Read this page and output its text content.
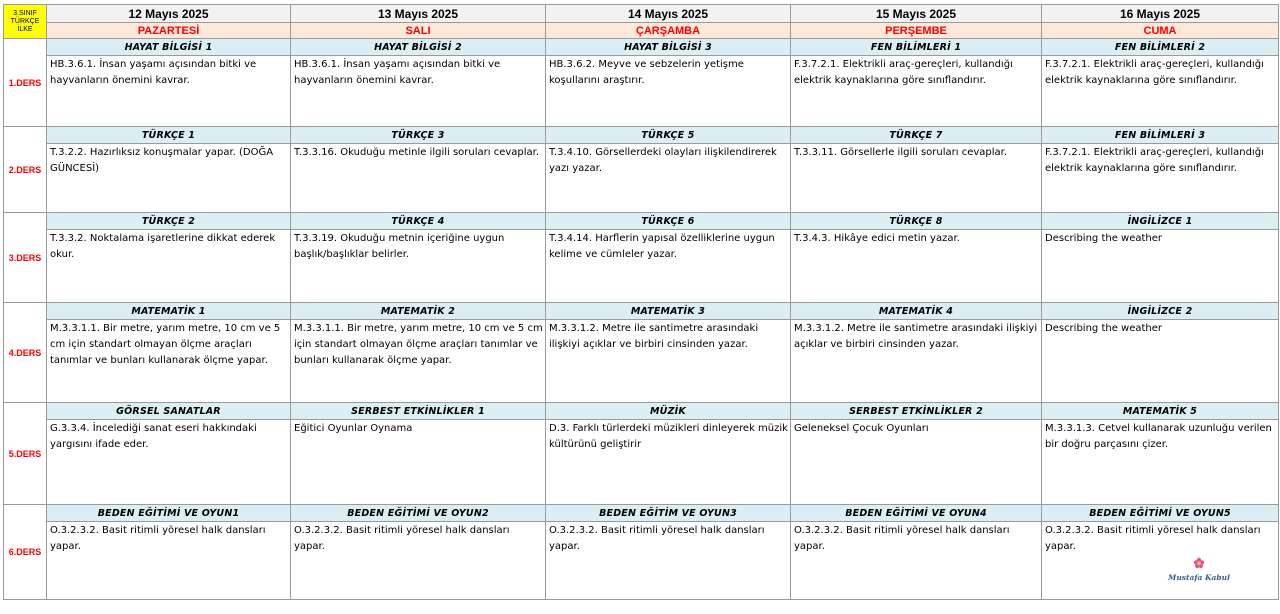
3.SINIF
TÜRKÇE
İLKE	12 Mayıs 2025	13 Mayıs 2025	14 Mayıs 2025	15 Mayıs 2025	16 Mayıs 2025
	PAZARTESİ	SALI	ÇARŞAMBA	PERŞEMBE	CUMA
1.DERS	HAYAT BİLGİSİ 1	HAYAT BİLGİSİ 2	HAYAT BİLGİSİ 3	FEN BİLİMLERİ 1	FEN BİLİMLERİ 2
	HB.3.6.1. İnsan yaşamı açısından bitki ve hayvanların önemini kavrar.	HB.3.6.1. İnsan yaşamı açısından bitki ve hayvanların önemini kavrar.	HB.3.6.2. Meyve ve sebzelerin yetişme koşullarını araştırır.	F.3.7.2.1. Elektrikli araç-gereçleri, kullandığı elektrik kaynaklarına göre sınıflandırır.	F.3.7.2.1. Elektrikli araç-gereçleri, kullandığı elektrik kaynaklarına göre sınıflandırır.
2.DERS	TÜRKÇE 1	TÜRKÇE 3	TÜRKÇE 5	TÜRKÇE 7	FEN BİLİMLERİ 3
	T.3.2.2. Hazırlıksız konuşmalar yapar. (DOĞA GÜNCESİ)	T.3.3.16. Okuduğu metinle ilgili soruları cevaplar.	T.3.4.10. Görsellerdeki olayları ilişkilendirerek yazı yazar.	T.3.3.11. Görsellerle ilgili soruları cevaplar.	F.3.7.2.1. Elektrikli araç-gereçleri, kullandığı elektrik kaynaklarına göre sınıflandırır.
3.DERS	TÜRKÇE 2	TÜRKÇE 4	TÜRKÇE 6	TÜRKÇE 8	İNGİLİZCE 1
	T.3.3.2. Noktalama işaretlerine dikkat ederek okur.	T.3.3.19. Okuduğu metnin içeriğine uygun başlık/başlıklar belirler.	T.3.4.14. Harflerin yapısal özelliklerine uygun kelime ve cümleler yazar.	T.3.4.3. Hikâye edici metin yazar.	Describing the weather
4.DERS	MATEMATİK 1	MATEMATİK 2	MATEMATİK 3	MATEMATİK 4	İNGİLİZCE 2
	M.3.3.1.1. Bir metre, yarım metre, 10 cm ve 5 cm için standart olmayan ölçme araçları tanımlar ve bunları kullanarak ölçme yapar.	M.3.3.1.1. Bir metre, yarım metre, 10 cm ve 5 cm için standart olmayan ölçme araçları tanımlar ve bunları kullanarak ölçme yapar.	M.3.3.1.2. Metre ile santimetre arasındaki ilişkiyi açıklar ve birbiri cinsinden yazar.	M.3.3.1.2. Metre ile santimetre arasındaki ilişkiyi açıklar ve birbiri cinsinden yazar.	Describing the weather
5.DERS	GÖRSEL SANATLAR	SERBEST ETKİNLİKLER 1	MÜZİK	SERBEST ETKİNLİKLER 2	MATEMATİK 5
	G.3.3.4. İncelediği sanat eseri hakkındaki yargısını ifade eder.	Eğitici Oyunlar Oynama	D.3. Farklı türlerdeki müzikleri dinleyerek müzik kültürünü geliştirir	Geleneksel Çocuk Oyunları	M.3.3.1.3. Cetvel kullanarak uzunluğu verilen bir doğru parçasını çizer.
6.DERS	BEDEN EĞİTİMİ VE OYUN1	BEDEN EĞİTİMİ VE OYUN2	BEDEN EĞİTİM VE OYUN3	BEDEN EĞİTİMİ VE OYUN4	BEDEN EĞİTİMİ VE OYUN5
	O.3.2.3.2. Basit ritimli yöresel halk dansları yapar.	O.3.2.3.2. Basit ritimli yöresel halk dansları yapar.	O.3.2.3.2. Basit ritimli yöresel halk dansları yapar.	O.3.2.3.2. Basit ritimli yöresel halk dansları yapar.	O.3.2.3.2. Basit ritimli yöresel halk dansları yapar.
Mustafa Kabul
